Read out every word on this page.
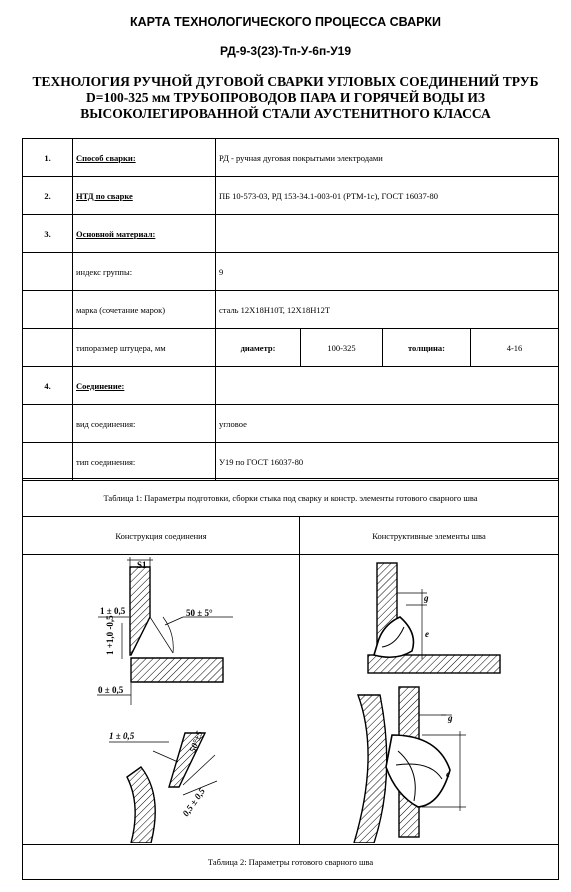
КАРТА ТЕХНОЛОГИЧЕСКОГО ПРОЦЕССА СВАРКИ
РД-9-3(23)-Тп-У-6п-У19
ТЕХНОЛОГИЯ РУЧНОЙ ДУГОВОЙ СВАРКИ УГЛОВЫХ СОЕДИНЕНИЙ ТРУБ
D=100-325 мм ТРУБОПРОВОДОВ ПАРА И ГОРЯЧЕЙ ВОДЫ ИЗ
ВЫСОКОЛЕГИРОВАННОЙ СТАЛИ АУСТЕНИТНОГО КЛАССА
1.	Способ сварки:	РД - ручная дуговая покрытыми электродами			
2.	НТД по сварке	ПБ 10-573-03, РД 153-34.1-003-01 (РТМ-1с), ГОСТ 16037-80			
3.	Основной материал:				
	индекс группы:	9			
	марка (сочетание марок)	сталь 12Х18Н10Т, 12Х18Н12Т			
	типоразмер штуцера, мм	диаметр:	100-325	толщина:	4-16
4.	Соединение:				
	вид соединения:	угловое			
	тип соединения:	У19 по ГОСТ 16037-80			
Таблица 1: Параметры подготовки, сборки стыка под сварку и констр. элементы готового сварного шва	
Конструкция соединения	Конструктивные элементы шва

Таблица 2: Параметры готового сварного шва	
S1
50 ± 5°
1 ± 0,5
1 +1,0 -0,5
0 ± 0,5
1 ± 0,5	50°±5
0,5 ± 0,5
g
e
g
e
